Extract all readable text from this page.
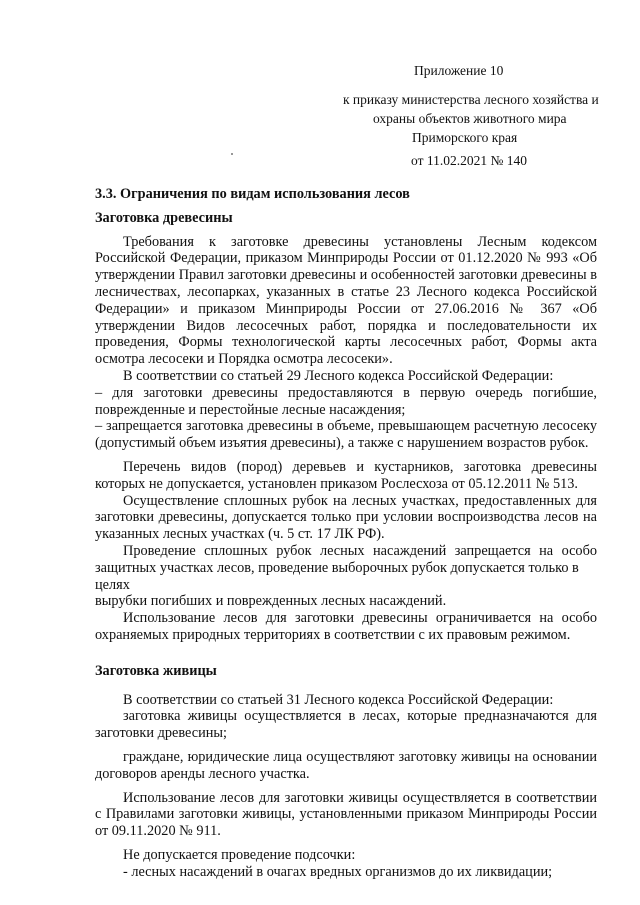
Приложение 10
к приказу министерства лесного хозяйства и
охраны объектов животного мира
Приморского края
от 11.02.2021 № 140

3.3. Ограничения по видам использования лесов

Заготовка древесины

Требования к заготовке древесины установлены Лесным кодексом Российской Федерации, приказом Минприроды России от 01.12.2020 № 993 «Об утверждении Правил заготовки древесины и особенностей заготовки древесины в лесничествах, лесопарках, указанных в статье 23 Лесного кодекса Российской Федерации» и приказом Минприроды России от 27.06.2016 № 367 «Об утверждении Видов лесосечных работ, порядка и последовательности их проведения, Формы технологической карты лесосечных работ, Формы акта осмотра лесосеки и Порядка осмотра лесосеки».

В соответствии со статьей 29 Лесного кодекса Российской Федерации:

– для заготовки древесины предоставляются в первую очередь погибшие, поврежденные и перестойные лесные насаждения;

– запрещается заготовка древесины в объеме, превышающем расчетную лесосеку (допустимый объем изъятия древесины), а также с нарушением возрастов рубок.

Перечень видов (пород) деревьев и кустарников, заготовка древесины которых не допускается, установлен приказом Рослесхоза от 05.12.2011 № 513.

Осуществление сплошных рубок на лесных участках, предоставленных для заготовки древесины, допускается только при условии воспроизводства лесов на указанных лесных участках (ч. 5 ст. 17 ЛК РФ).

Проведение сплошных рубок лесных насаждений запрещается на особо защитных участках лесов, проведение выборочных рубок допускается только в

целях

вырубки погибших и поврежденных лесных насаждений.

Использование лесов для заготовки древесины ограничивается на особо охраняемых природных территориях в соответствии с их правовым режимом.

Заготовка живицы

В соответствии со статьей 31 Лесного кодекса Российской Федерации:

заготовка живицы осуществляется в лесах, которые предназначаются для заготовки древесины;

граждане, юридические лица осуществляют заготовку живицы на основании договоров аренды лесного участка.

Использование лесов для заготовки живицы осуществляется в соответствии с Правилами заготовки живицы, установленными приказом Минприроды России от 09.11.2020 № 911.

Не допускается проведение подсочки:

- лесных насаждений в очагах вредных организмов до их ликвидации;
